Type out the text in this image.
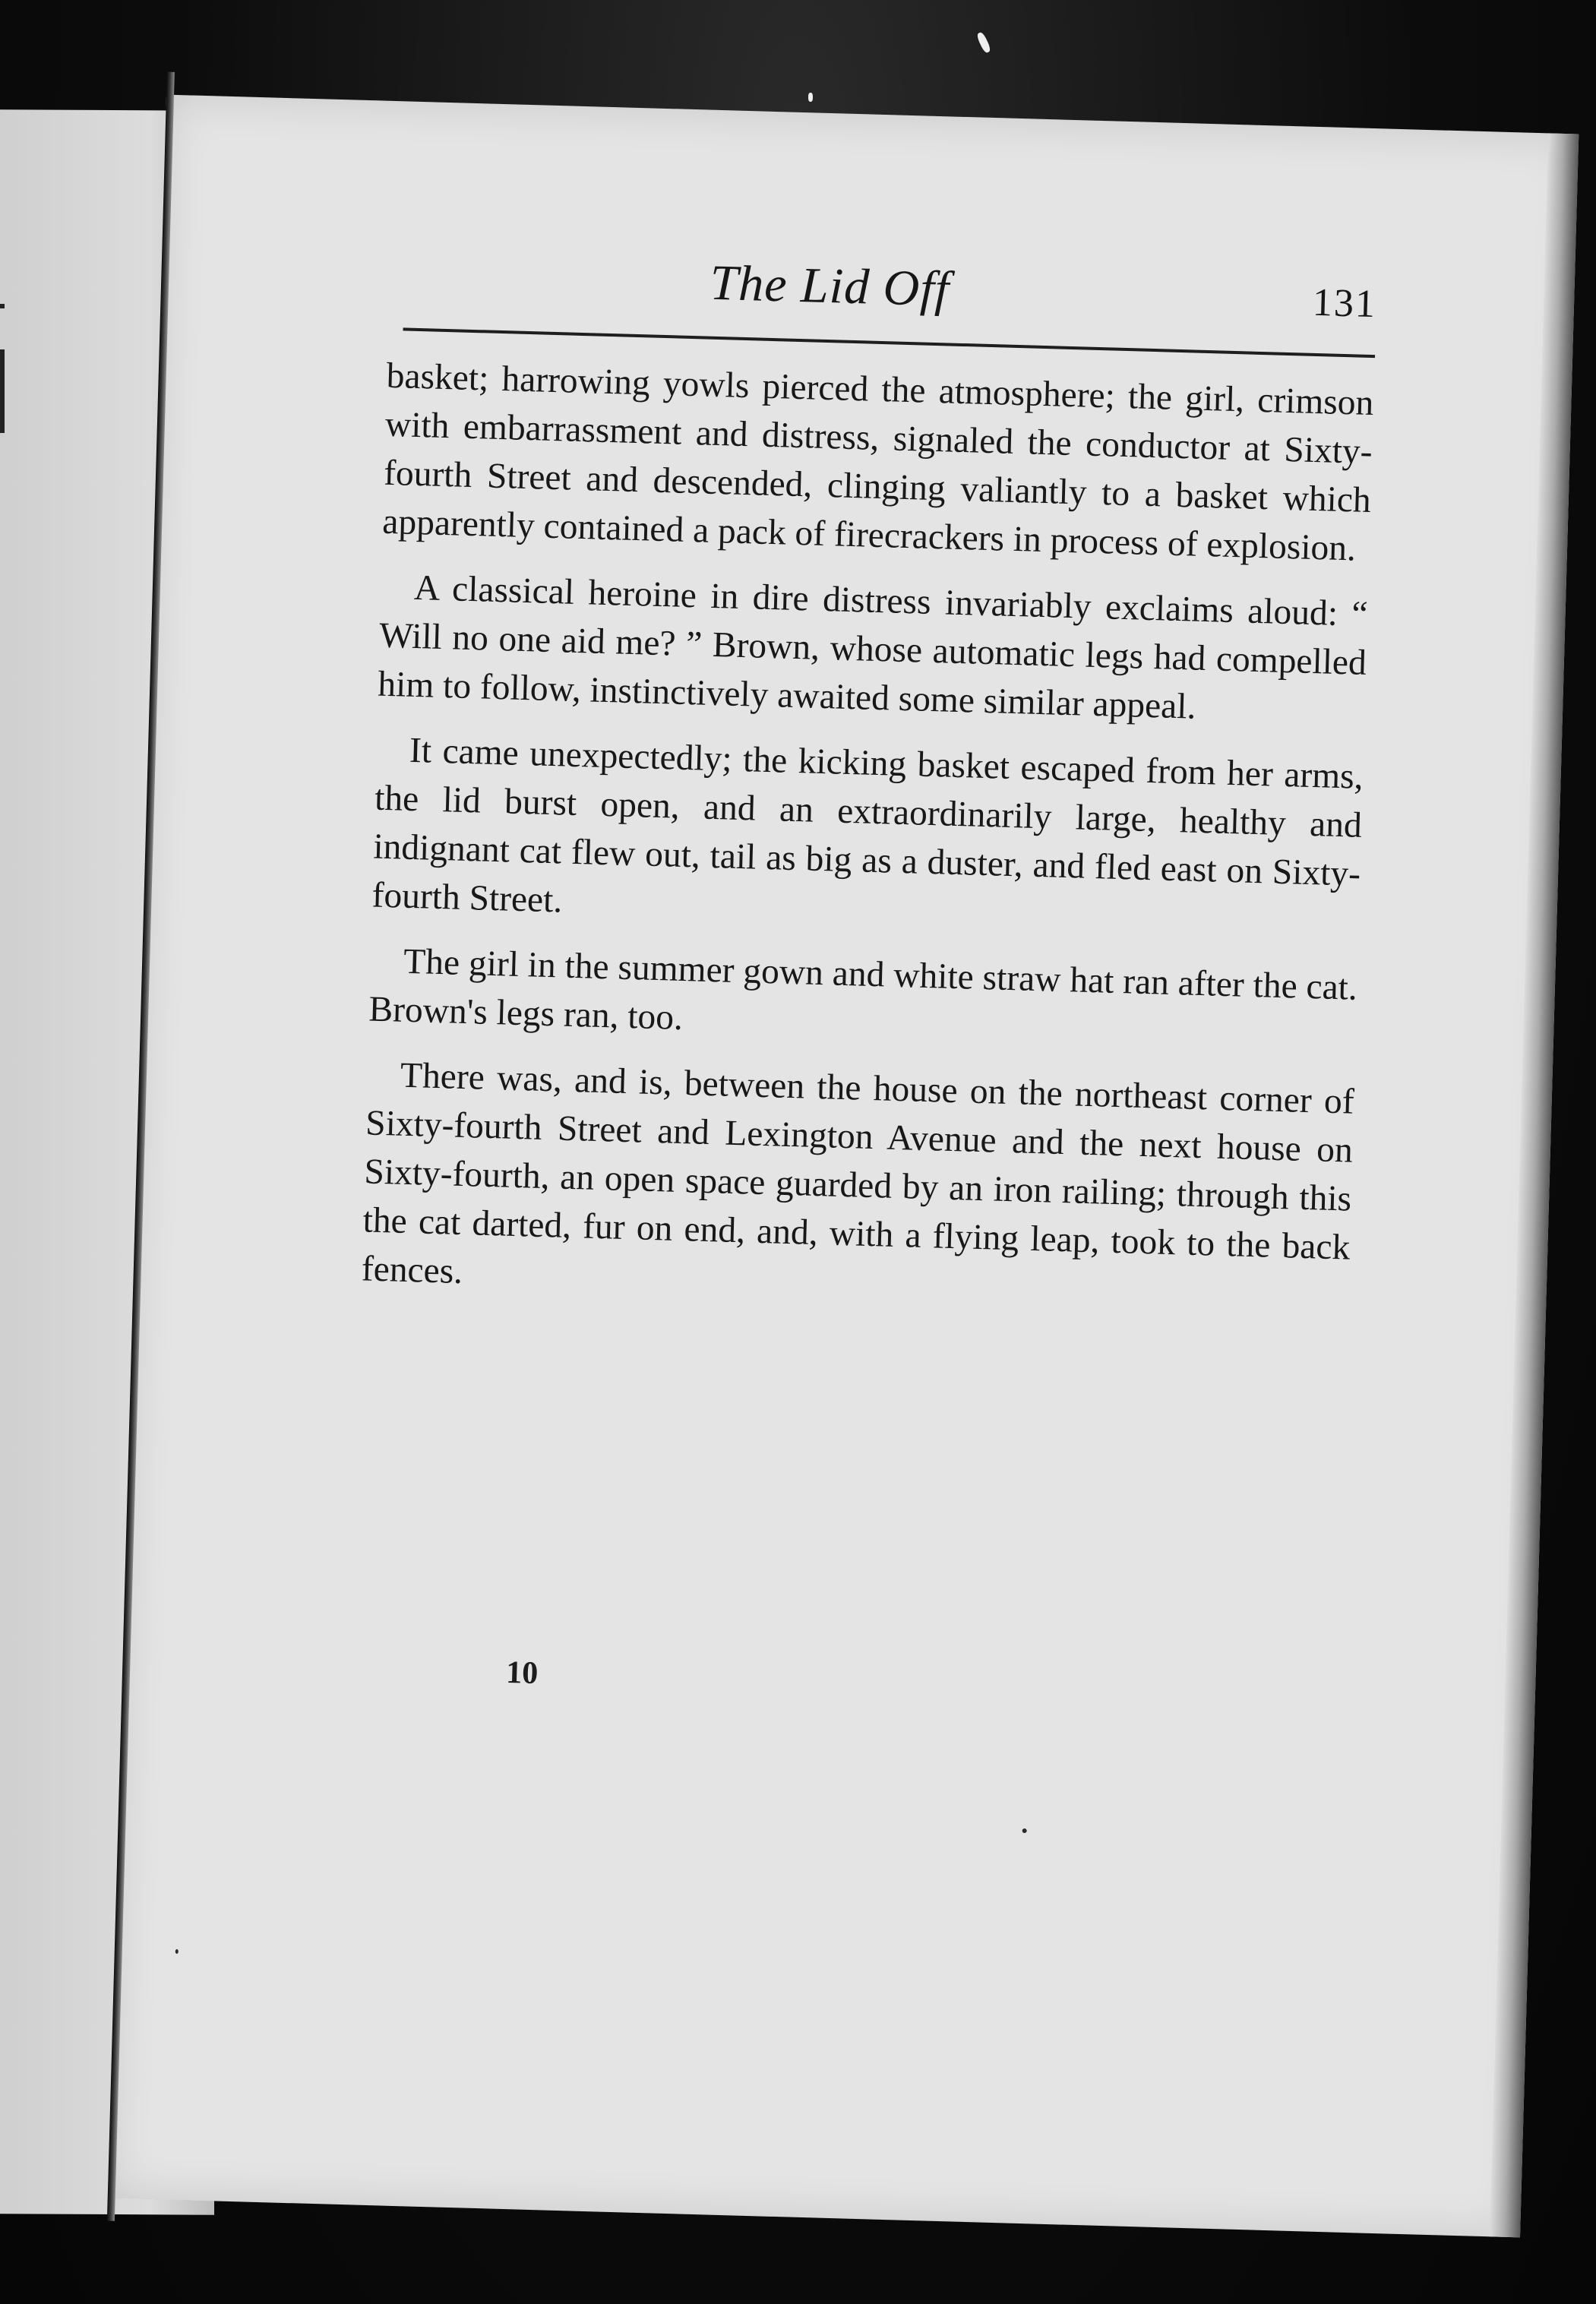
The Lid Off	131

basket; harrowing yowls pierced the atmosphere; the girl, crimson with embarrassment and distress, signaled the conductor at Sixty-fourth Street and descended, clinging valiantly to a basket which apparently contained a pack of firecrackers in process of explosion.

A classical heroine in dire distress invariably exclaims aloud: “ Will no one aid me? ” Brown, whose automatic legs had compelled him to follow, instinctively awaited some similar appeal.

It came unexpectedly; the kicking basket escaped from her arms, the lid burst open, and an extraordinarily large, healthy and indignant cat flew out, tail as big as a duster, and fled east on Sixty-fourth Street.

The girl in the summer gown and white straw hat ran after the cat. Brown's legs ran, too.

There was, and is, between the house on the northeast corner of Sixty-fourth Street and Lexington Avenue and the next house on Sixty-fourth, an open space guarded by an iron railing; through this the cat darted, fur on end, and, with a flying leap, took to the back fences.

10
